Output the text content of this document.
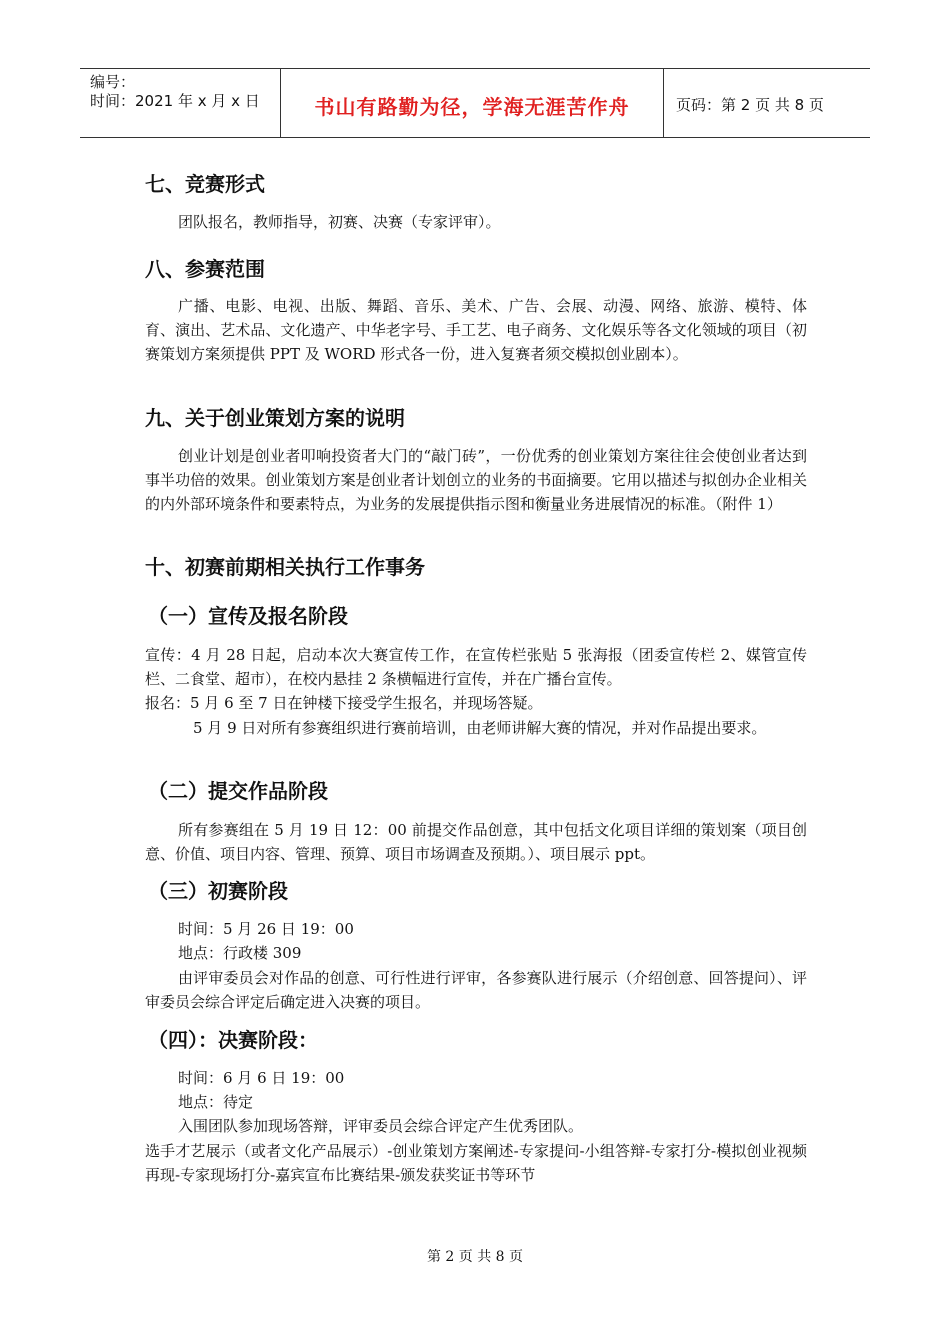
编号：
时间：2021 年 x 月 x 日	书山有路勤为径，学海无涯苦作舟	页码：第 2 页 共 8 页
七、竞赛形式
团队报名，教师指导，初赛、决赛（专家评审）。
八、参赛范围
广播、电影、电视、出版、舞蹈、音乐、美术、广告、会展、动漫、网络、旅游、模特、体育、演出、艺术品、文化遗产、中华老字号、手工艺、电子商务、文化娱乐等各文化领域的项目（初赛策划方案须提供 PPT 及 WORD 形式各一份，进入复赛者须交模拟创业剧本）。
九、关于创业策划方案的说明
创业计划是创业者叩响投资者大门的“敲门砖”，一份优秀的创业策划方案往往会使创业者达到事半功倍的效果。创业策划方案是创业者计划创立的业务的书面摘要。它用以描述与拟创办企业相关的内外部环境条件和要素特点，为业务的发展提供指示图和衡量业务进展情况的标准。（附件 1）
十、初赛前期相关执行工作事务
（一）宣传及报名阶段
宣传：4 月 28 日起，启动本次大赛宣传工作，在宣传栏张贴 5 张海报（团委宣传栏 2、媒管宣传栏、二食堂、超市），在校内悬挂 2 条横幅进行宣传，并在广播台宣传。
报名：5 月 6 至 7 日在钟楼下接受学生报名，并现场答疑。
5 月 9 日对所有参赛组织进行赛前培训，由老师讲解大赛的情况，并对作品提出要求。
（二）提交作品阶段
所有参赛组在 5 月 19 日 12：00 前提交作品创意，其中包括文化项目详细的策划案（项目创意、价值、项目内容、管理、预算、项目市场调查及预期。）、项目展示 ppt。
（三）初赛阶段
时间：5 月 26 日 19：00
地点：行政楼 309
由评审委员会对作品的创意、可行性进行评审，各参赛队进行展示（介绍创意、回答提问）、评审委员会综合评定后确定进入决赛的项目。
（四）：决赛阶段：
时间：6 月 6 日 19：00
地点：待定
入围团队参加现场答辩，评审委员会综合评定产生优秀团队。
选手才艺展示（或者文化产品展示）-创业策划方案阐述-专家提问-小组答辩-专家打分-模拟创业视频再现-专家现场打分-嘉宾宣布比赛结果-颁发获奖证书等环节
第 2 页 共 8 页
